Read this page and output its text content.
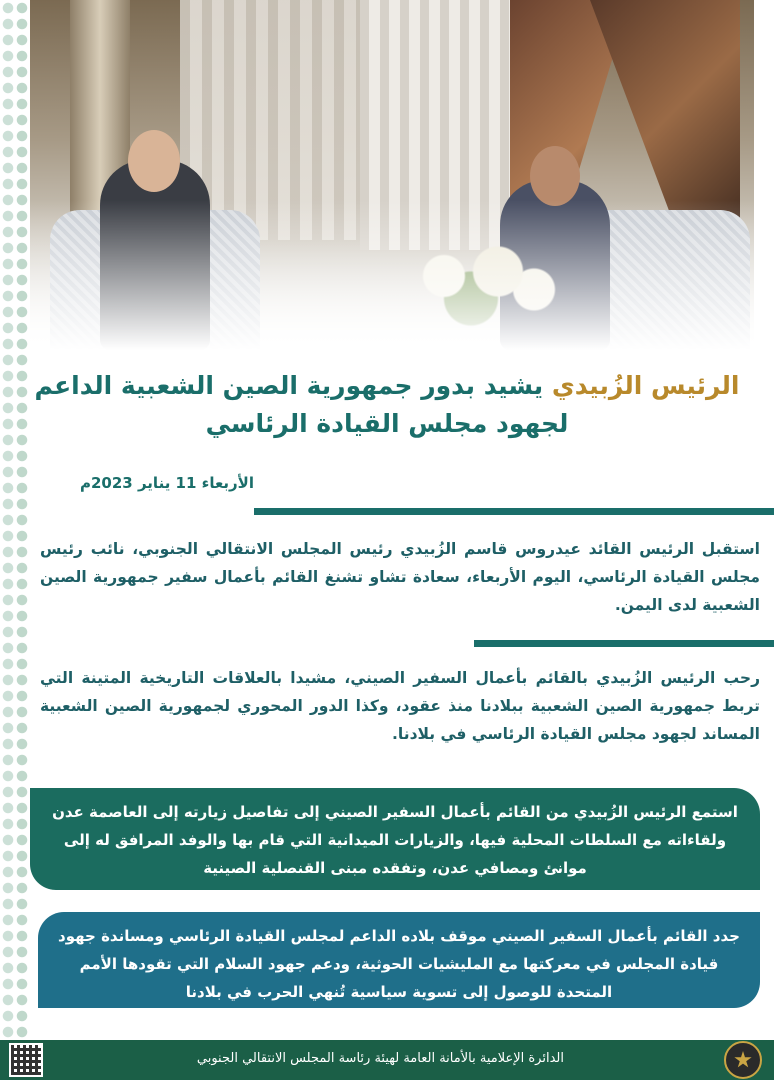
الرئيس الزُبيدي يشيد بدور جمهورية الصين الشعبية الداعم
لجهود مجلس القيادة الرئاسي
الأربعاء 11 يناير 2023م
استقبل الرئيس القائد عيدروس قاسم الزُبيدي رئيس المجلس الانتقالي الجنوبي، نائب رئيس مجلس القيادة الرئاسي، اليوم الأربعاء، سعادة تشاو تشنغ القائم بأعمال سفير جمهورية الصين الشعبية لدى اليمن.
رحب الرئيس الزُبيدي بالقائم بأعمال السفير الصيني، مشيدا بالعلاقات التاريخية المتينة التي تربط جمهورية الصين الشعبية ببلادنا منذ عقود، وكذا الدور المحوري لجمهورية الصين الشعبية المساند لجهود مجلس القيادة الرئاسي في بلادنا.
استمع الرئيس الزُبيدي من القائم بأعمال السفير الصيني إلى تفاصيل زيارته إلى العاصمة عدن ولقاءاته مع السلطات المحلية فيها، والزيارات الميدانية التي قام بها والوفد المرافق له إلى موانئ ومصافي عدن، وتفقده مبنى القنصلية الصينية
جدد القائم بأعمال السفير الصيني موقف بلاده الداعم لمجلس القيادة الرئاسي ومساندة جهود قيادة المجلس في معركتها مع المليشيات الحوثية، ودعم جهود السلام التي تقودها الأمم المتحدة للوصول إلى تسوية سياسية تُنهي الحرب في بلادنا
الدائرة الإعلامية بالأمانة العامة لهيئة رئاسة المجلس الانتقالي الجنوبي
